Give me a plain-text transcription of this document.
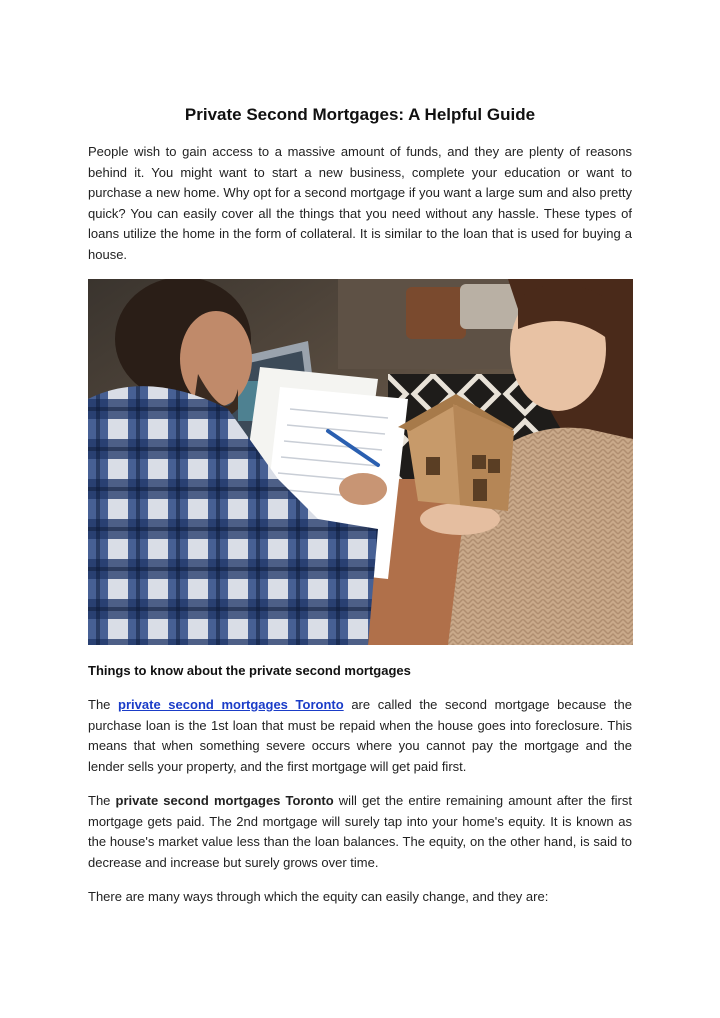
Private Second Mortgages: A Helpful Guide

People wish to gain access to a massive amount of funds, and they are plenty of reasons behind it. You might want to start a new business, complete your education or want to purchase a new home. Why opt for a second mortgage if you want a large sum and also pretty quick? You can easily cover all the things that you need without any hassle. These types of loans utilize the home in the form of collateral. It is similar to the loan that is used for buying a house.

Things to know about the private second mortgages

The private second mortgages Toronto are called the second mortgage because the purchase loan is the 1st loan that must be repaid when the house goes into foreclosure. This means that when something severe occurs where you cannot pay the mortgage and the lender sells your property, and the first mortgage will get paid first.

The private second mortgages Toronto will get the entire remaining amount after the first mortgage gets paid. The 2nd mortgage will surely tap into your home's equity. It is known as the house's market value less than the loan balances. The equity, on the other hand, is said to decrease and increase but surely grows over time.

There are many ways through which the equity can easily change, and they are:
